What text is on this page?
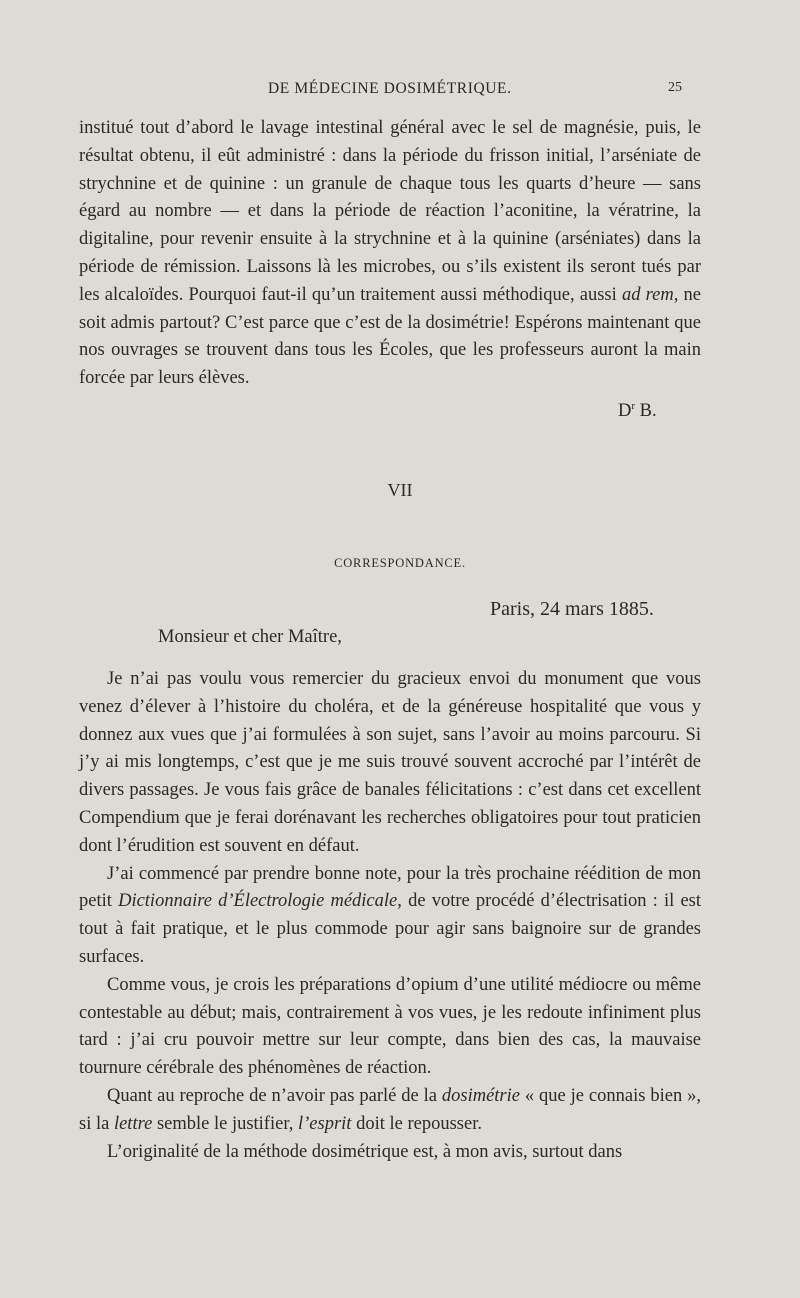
DE MÉDECINE DOSIMÉTRIQUE.	25

institué tout d’abord le lavage intestinal général avec le sel de magnésie, puis, le résultat obtenu, il eût administré : dans la période du frisson initial, l’arséniate de strychnine et de quinine : un granule de chaque tous les quarts d’heure — sans égard au nombre — et dans la période de réaction l’aconitine, la vératrine, la digitaline, pour revenir ensuite à la strychnine et à la quinine (arséniates) dans la période de rémission. Laissons là les microbes, ou s’ils existent ils seront tués par les alcaloïdes. Pourquoi faut-il qu’un traitement aussi méthodique, aussi ad rem, ne soit admis partout? C’est parce que c’est de la dosimétrie! Espérons maintenant que nos ouvrages se trouvent dans tous les Écoles, que les professeurs auront la main forcée par leurs élèves.

$D^r$ B.
VII
CORRESPONDANCE.
Paris, 24 mars 1885.
Monsieur et cher Maître,

Je n’ai pas voulu vous remercier du gracieux envoi du monument que vous venez d’élever à l’histoire du choléra, et de la généreuse hospitalité que vous y donnez aux vues que j’ai formulées à son sujet, sans l’avoir au moins parcouru. Si j’y ai mis longtemps, c’est que je me suis trouvé souvent accroché par l’intérêt de divers passages. Je vous fais grâce de banales félicitations : c’est dans cet excellent Compendium que je ferai dorénavant les recherches obligatoires pour tout praticien dont l’érudition est souvent en défaut.

J’ai commencé par prendre bonne note, pour la très prochaine réédition de mon petit Dictionnaire d’Électrologie médicale, de votre procédé d’électrisation : il est tout à fait pratique, et le plus commode pour agir sans baignoire sur de grandes surfaces.

Comme vous, je crois les préparations d’opium d’une utilité médiocre ou même contestable au début; mais, contrairement à vos vues, je les redoute infiniment plus tard : j’ai cru pouvoir mettre sur leur compte, dans bien des cas, la mauvaise tournure cérébrale des phénomènes de réaction.

Quant au reproche de n’avoir pas parlé de la dosimétrie « que je connais bien », si la lettre semble le justifier, l’esprit doit le repousser.

L’originalité de la méthode dosimétrique est, à mon avis, surtout dans
